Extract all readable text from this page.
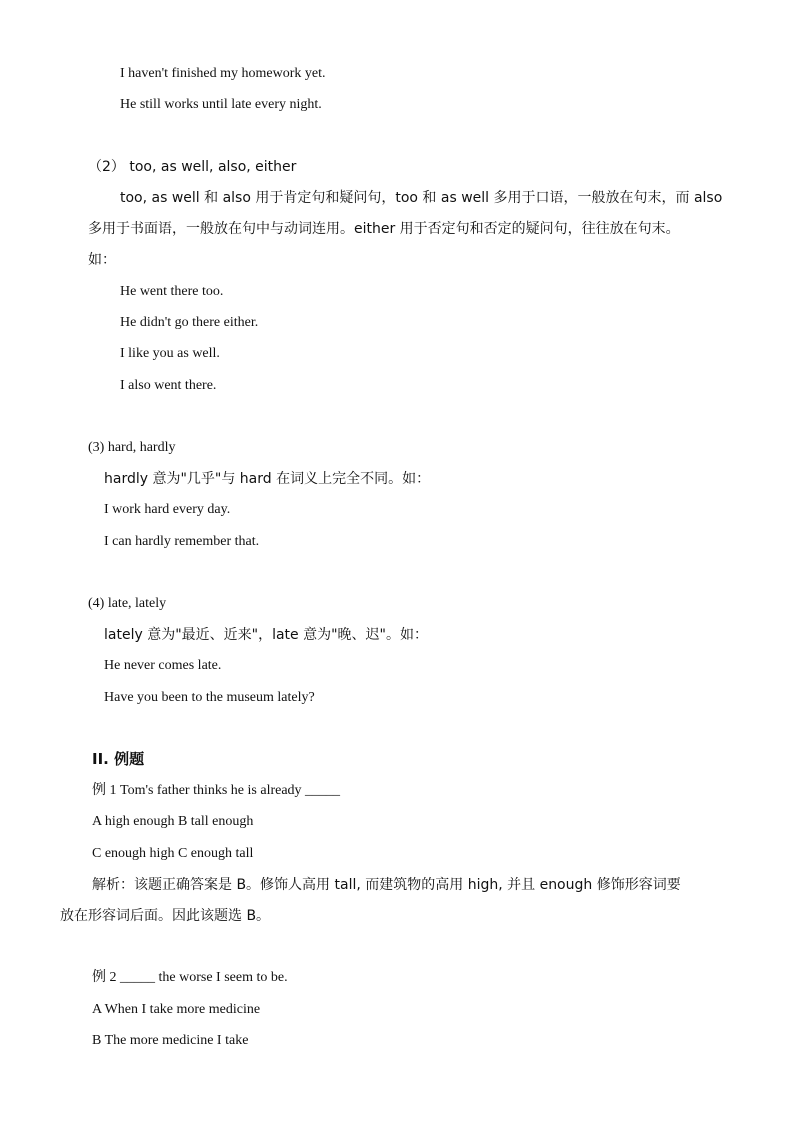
I haven't finished my homework yet.
He still works until late every night.
（2） too, as well, also, either
too, as well 和 also 用于肯定句和疑问句，too 和 as well 多用于口语，一般放在句末，而 also
多用于书面语，一般放在句中与动词连用。either 用于否定句和否定的疑问句，往往放在句末。
如：
He went there too.
He didn't go there either.
I like you as well.
I also went there.
(3) hard, hardly
hardly 意为"几乎"与 hard 在词义上完全不同。如：
I work hard every day.
I can hardly remember that.
(4) late, lately
lately 意为"最近、近来"，late 意为"晚、迟"。如：
He never comes late.
Have you been to the museum lately?
II. 例题
例 1 Tom's father thinks he is already _____
A high enough B tall enough
C enough high C enough tall
解析：该题正确答案是 B。修饰人高用 tall, 而建筑物的高用 high, 并且 enough 修饰形容词要
放在形容词后面。因此该题选 B。
例 2 _____ the worse I seem to be.
A When I take more medicine
B The more medicine I take
